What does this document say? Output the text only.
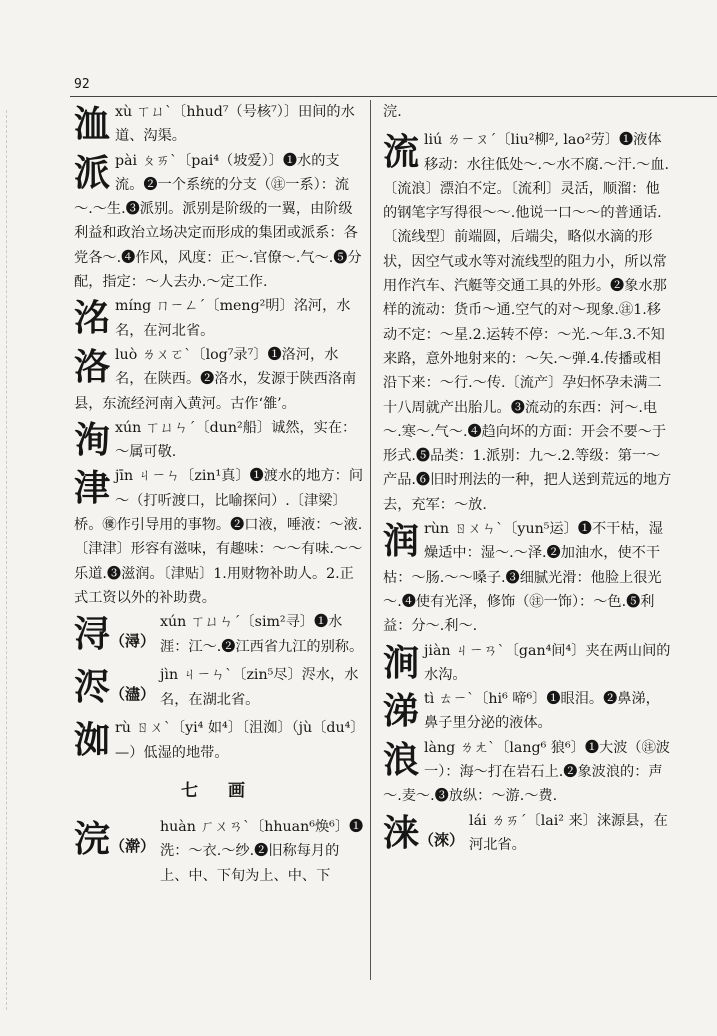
92
洫xù ㄒㄩˋ〔hhud⁷（号核⁷）〕田间的水道、沟渠。
派pài ㄆㄞˋ〔pai⁴（坡爱）〕❶水的支流。❷一个系统的分支（㊟一系）：流～.～生.❸派别。派别是阶级的一翼，由阶级利益和政治立场决定而形成的集团或派系：各党各～.❹作风，风度：正～.官僚～.气～.❺分配，指定：～人去办.～定工作.
洺míng ㄇㄧㄥˊ〔meng²明〕洺河，水名，在河北省。
洛luò ㄌㄨㄛˋ〔log⁷录⁷〕❶洛河，水名，在陕西。❷洛水，发源于陕西洛南县，东流经河南入黄河。古作‘雒’。
洵xún ㄒㄩㄣˊ〔dun²船〕诚然，实在：～属可敬.
津jīn ㄐㄧㄣ〔zin¹真〕❶渡水的地方：问～（打听渡口，比喻探问）.〔津梁〕桥。㊝作引导用的事物。❷口液，唾液：～液.〔津津〕形容有滋味，有趣味：～～有味.～～乐道.❸滋润。〔津贴〕1.用财物补助人。2.正式工资以外的补助费。
浔（潯）
xún ㄒㄩㄣˊ〔sim²寻〕❶水涯：江～.❷江西省九江的别称。
浕（濜）
jìn ㄐㄧㄣˋ〔zin⁵尽〕浕水，水名，在湖北省。
洳rù ㄖㄨˋ〔yi⁴ 如⁴〕〔沮洳〕（jù〔du⁴〕—）低湿的地带。
七 画
浣（澣）
huàn ㄏㄨㄢˋ〔hhuan⁶焕⁶〕❶洗：～衣.～纱.❷旧称每月的上、中、下旬为上、中、下
浣.
流liú ㄌㄧㄡˊ〔liu²柳², lao²劳〕❶液体移动：水往低处～.～水不腐.～汗.～血.〔流浪〕漂泊不定。〔流利〕灵活，顺溜：他的钢笔字写得很～～.他说一口～～的普通话.〔流线型〕前端圆，后端尖，略似水滴的形状，因空气或水等对流线型的阻力小，所以常用作汽车、汽艇等交通工具的外形。❷象水那样的流动：货币～通.空气的对～现象.㊟1.移动不定：～星.2.运转不停：～光.～年.3.不知来路，意外地射来的：～矢.～弹.4.传播或相沿下来：～行.～传.〔流产〕孕妇怀孕未满二十八周就产出胎儿。❸流动的东西：河～.电～.寒～.气～.❹趋向坏的方面：开会不要～于形式.❺品类：1.派别：九～.2.等级：第一～产品.❻旧时刑法的一种，把人送到荒远的地方去，充军：～放.
润rùn ㄖㄨㄣˋ〔yun⁵运〕❶不干枯，湿燥适中：湿～.～泽.❷加油水，使不干枯：～肠.～～嗓子.❸细腻光滑：他脸上很光～.❹使有光泽，修饰（㊟一饰）：～色.❺利益：分～.利～.
涧jiàn ㄐㄧㄢˋ〔gan⁴间⁴〕夹在两山间的水沟。
涕tì ㄊㄧˋ〔hi⁶ 啼⁶〕❶眼泪。❷鼻涕，鼻子里分泌的液体。
浪làng ㄌㄤˋ〔lang⁶ 狼⁶〕❶大波（㊟波一）：海～打在岩石上.❷象波浪的：声～.麦～.❸放纵：～游.～费.
涞（淶）
lái ㄌㄞˊ〔lai² 来〕涞源县，在河北省。
